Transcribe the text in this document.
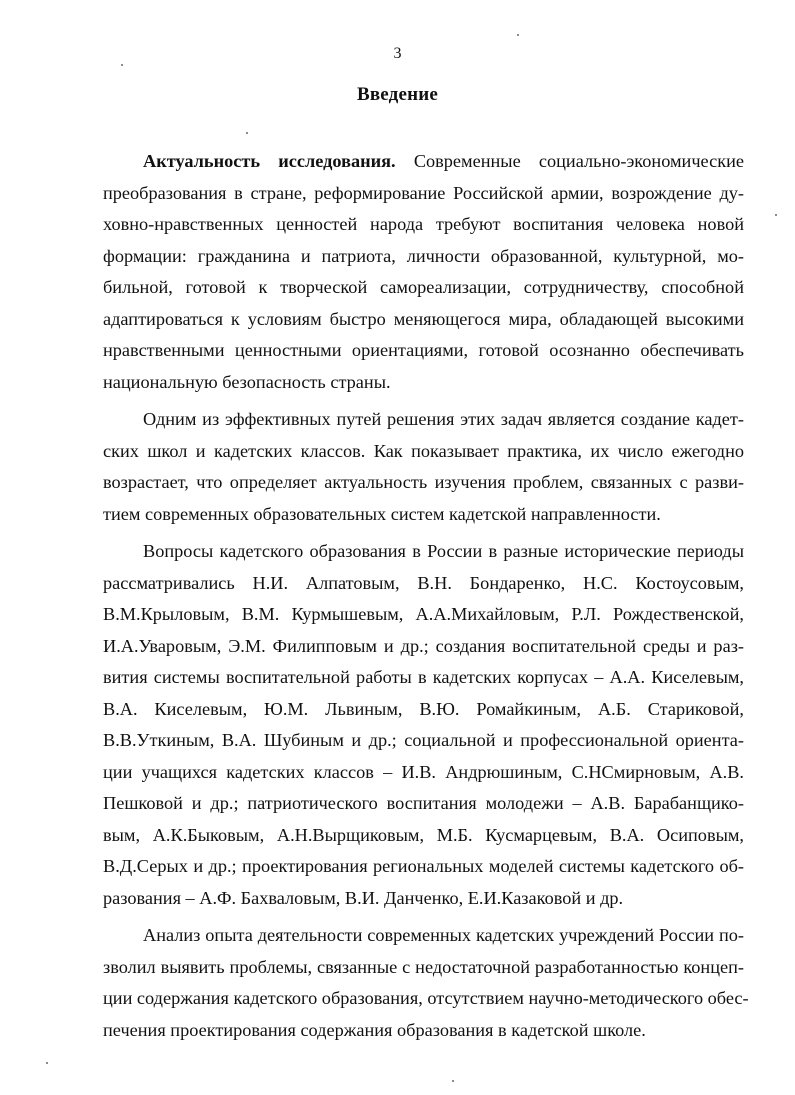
3
Введение
Актуальность исследования. Современные социально-экономические
преобразования в стране, реформирование Российской армии, возрождение ду-
ховно-нравственных ценностей народа требуют воспитания человека новой
формации: гражданина и патриота, личности образованной, культурной, мо-
бильной, готовой к творческой самореализации, сотрудничеству, способной
адаптироваться к условиям быстро меняющегося мира, обладающей высокими
нравственными ценностными ориентациями, готовой осознанно обеспечивать
национальную безопасность страны.
Одним из эффективных путей решения этих задач является создание кадет-
ских школ и кадетских классов. Как показывает практика, их число ежегодно
возрастает, что определяет актуальность изучения проблем, связанных с разви-
тием современных образовательных систем кадетской направленности.
Вопросы кадетского образования в России в разные исторические периоды
рассматривались Н.И. Алпатовым, В.Н. Бондаренко, Н.С. Костоусовым,
В.М.Крыловым, В.М. Курмышевым, А.А.Михайловым, Р.Л. Рождественской,
И.А.Уваровым, Э.М. Филипповым и др.; создания воспитательной среды и раз-
вития системы воспитательной работы в кадетских корпусах – А.А. Киселевым,
В.А. Киселевым, Ю.М. Львиным, В.Ю. Ромайкиным, А.Б. Стариковой,
В.В.Уткиным, В.А. Шубиным и др.; социальной и профессиональной ориента-
ции учащихся кадетских классов – И.В. Андрюшиным, С.НСмирновым, А.В.
Пешковой и др.; патриотического воспитания молодежи – А.В. Барабанщико-
вым, А.К.Быковым, А.Н.Вырщиковым, М.Б. Кусмарцевым, В.А. Осиповым,
В.Д.Серых и др.; проектирования региональных моделей системы кадетского об-
разования – А.Ф. Бахваловым, В.И. Данченко, Е.И.Казаковой и др.
Анализ опыта деятельности современных кадетских учреждений России по-
зволил выявить проблемы, связанные с недостаточной разработанностью концеп-
ции содержания кадетского образования, отсутствием научно-методического обес-
печения проектирования содержания образования в кадетской школе.
